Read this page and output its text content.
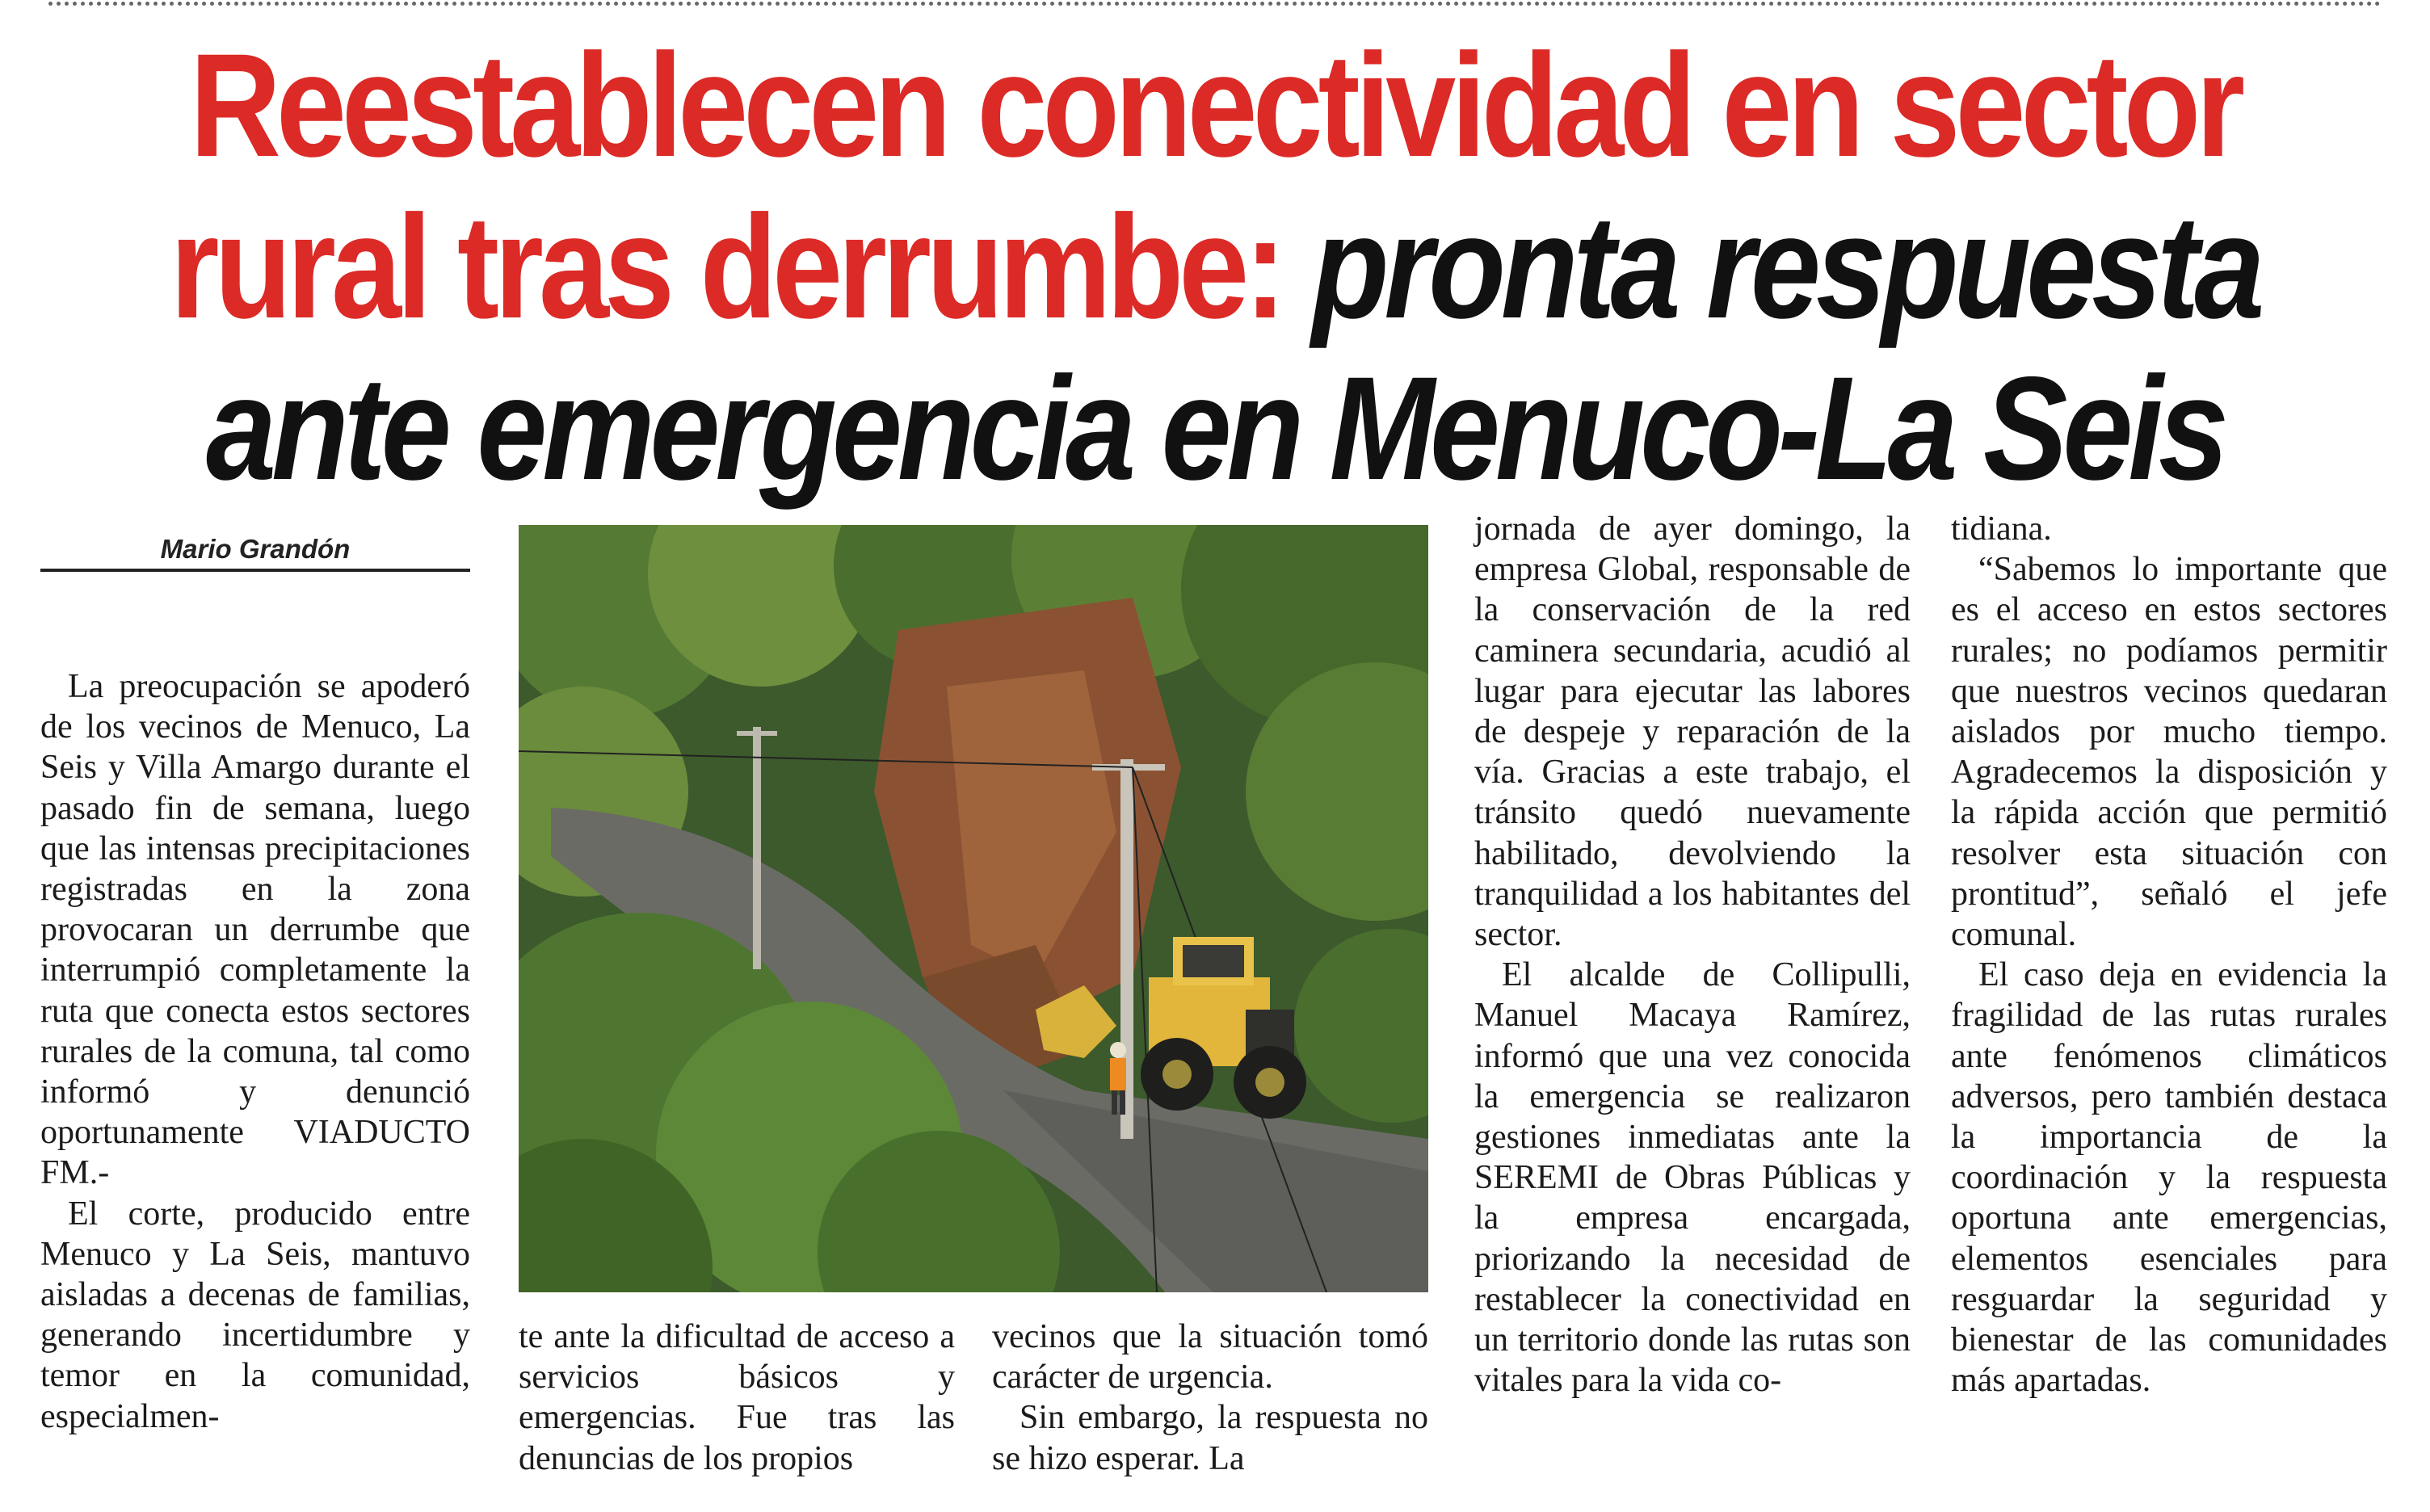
Reestablecen conectividad en sector rural tras derrumbe: pronta respuesta ante emergencia en Menuco-La Seis
Mario Grandón

La preocupación se apoderó de los vecinos de Menuco, La Seis y Villa Amargo durante el pasado fin de semana, luego que las intensas precipitaciones registradas en la zona provocaran un derrumbe que interrumpió completamente la ruta que conecta estos sectores rurales de la comuna, tal como informó y denunció oportunamente VIADUCTO FM.-

El corte, producido entre Menuco y La Seis, mantuvo aisladas a decenas de familias, generando incertidumbre y temor en la comunidad, especialmen-

te ante la dificultad de acceso a servicios básicos y emergencias. Fue tras las denuncias de los propios

vecinos que la situación tomó carácter de urgencia.

Sin embargo, la respuesta no se hizo esperar. La

jornada de ayer domingo, la empresa Global, responsable de la conservación de la red caminera secundaria, acudió al lugar para ejecutar las labores de despeje y reparación de la vía. Gracias a este trabajo, el tránsito quedó nuevamente habilitado, devolviendo la tranquilidad a los habitantes del sector.

El alcalde de Collipulli, Manuel Macaya Ramírez, informó que una vez conocida la emergencia se realizaron gestiones inmediatas ante la SEREMI de Obras Públicas y la empresa encargada, priorizando la necesidad de restablecer la conectividad en un territorio donde las rutas son vitales para la vida co-

tidiana.

“Sabemos lo importante que es el acceso en estos sectores rurales; no podíamos permitir que nuestros vecinos quedaran aislados por mucho tiempo. Agradecemos la disposición y la rápida acción que permitió resolver esta situación con prontitud”, señaló el jefe comunal.

El caso deja en evidencia la fragilidad de las rutas rurales ante fenómenos climáticos adversos, pero también destaca la importancia de la coordinación y la respuesta oportuna ante emergencias, elementos esenciales para resguardar la seguridad y bienestar de las comunidades más apartadas.
